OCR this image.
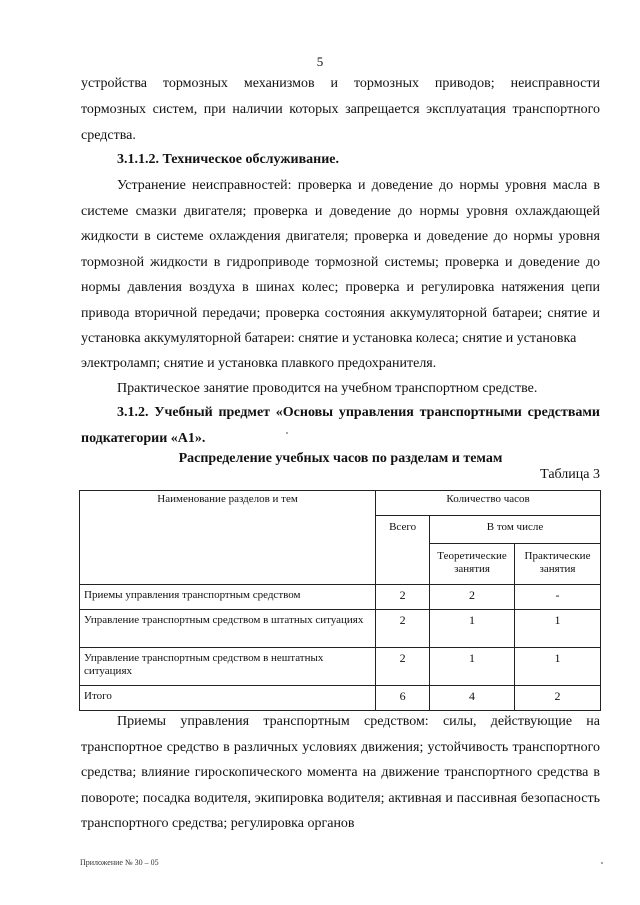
5

устройства тормозных механизмов и тормозных приводов; неисправности

тормозных систем, при наличии которых запрещается эксплуатация транспортного средства.

3.1.1.2. Техническое обслуживание.

Устранение неисправностей: проверка и доведение до нормы уровня масла в системе смазки двигателя; проверка и доведение до нормы уровня охлаждающей жидкости в системе охлаждения двигателя; проверка и доведение до нормы уровня тормозной жидкости в гидроприводе тормозной системы; проверка и доведение до нормы давления воздуха в шинах колес; проверка и регулировка натяжения цепи привода вторичной передачи; проверка состояния аккумуляторной батареи; снятие и установка аккумуляторной батареи: снятие и установка колеса; снятие и установка

электроламп; снятие и установка плавкого предохранителя.

Практическое занятие проводится на учебном транспортном средстве.

3.1.2. Учебный предмет «Основы управления транспортными средствами подкатегории «А1».

Распределение учебных часов по разделам и темам

Таблица 3
Наименование разделов и тем	Количество часов		
	Всего	В том числе	
		Теоретические занятия	Практические занятия
Приемы управления транспортным средством	2	2	-
Управление транспортным средством в штатных ситуациях	2	1	1
Управление транспортным средством в нештатных ситуациях	2	1	1
Итого	6	4	2

Приемы управления транспортным средством: силы, действующие на транспортное средство в различных условиях движения; устойчивость транспортного средства; влияние гироскопического момента на движение транспортного средства в повороте; посадка водителя, экипировка водителя; активная и пассивная безопасность транспортного средства; регулировка органов

Приложение № 30 – 05
